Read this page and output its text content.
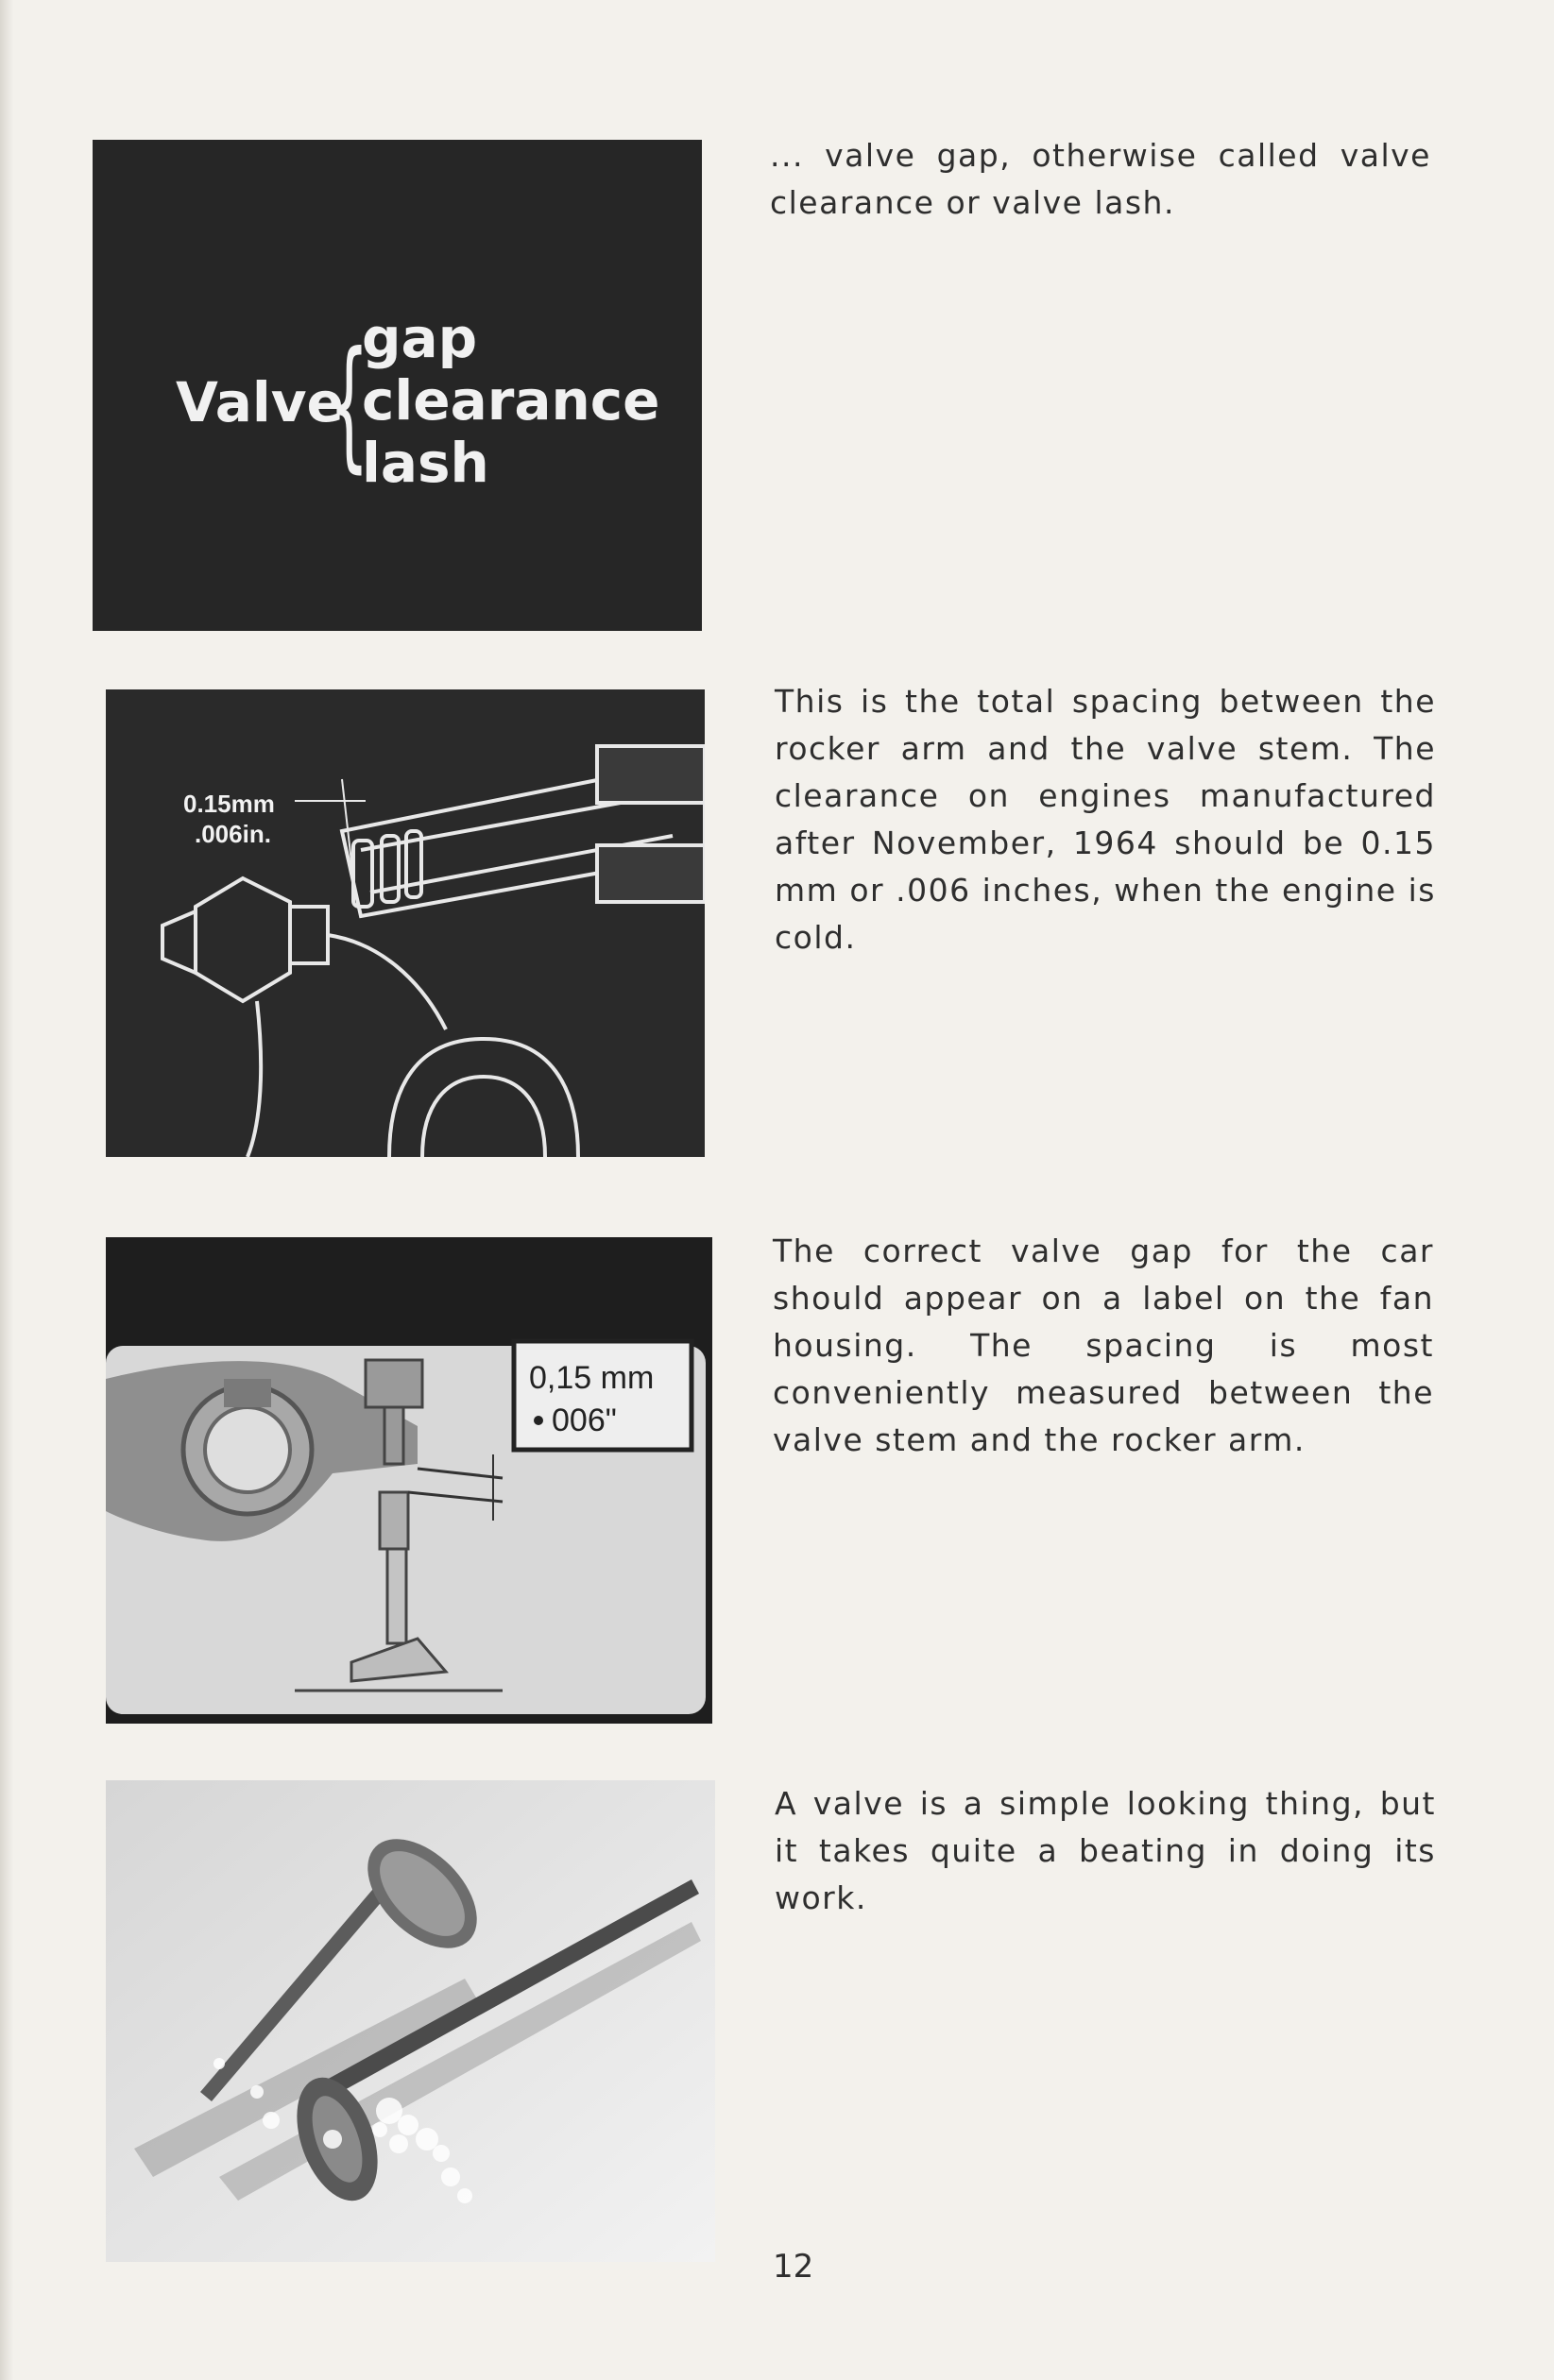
Valve
{
gap
clearance
lash
0.15mm
.006in.
0,15 mm
006"

... valve gap, otherwise called valve clearance or valve lash.

This is the total spacing between the rocker arm and the valve stem. The clearance on engines manufactured after November, 1964 should be 0.15 mm or .006 inches, when the engine is cold.

The correct valve gap for the car should appear on a label on the fan housing. The spacing is most conveniently measured between the valve stem and the rocker arm.

A valve is a simple looking thing, but it takes quite a beating in doing its work.

12
